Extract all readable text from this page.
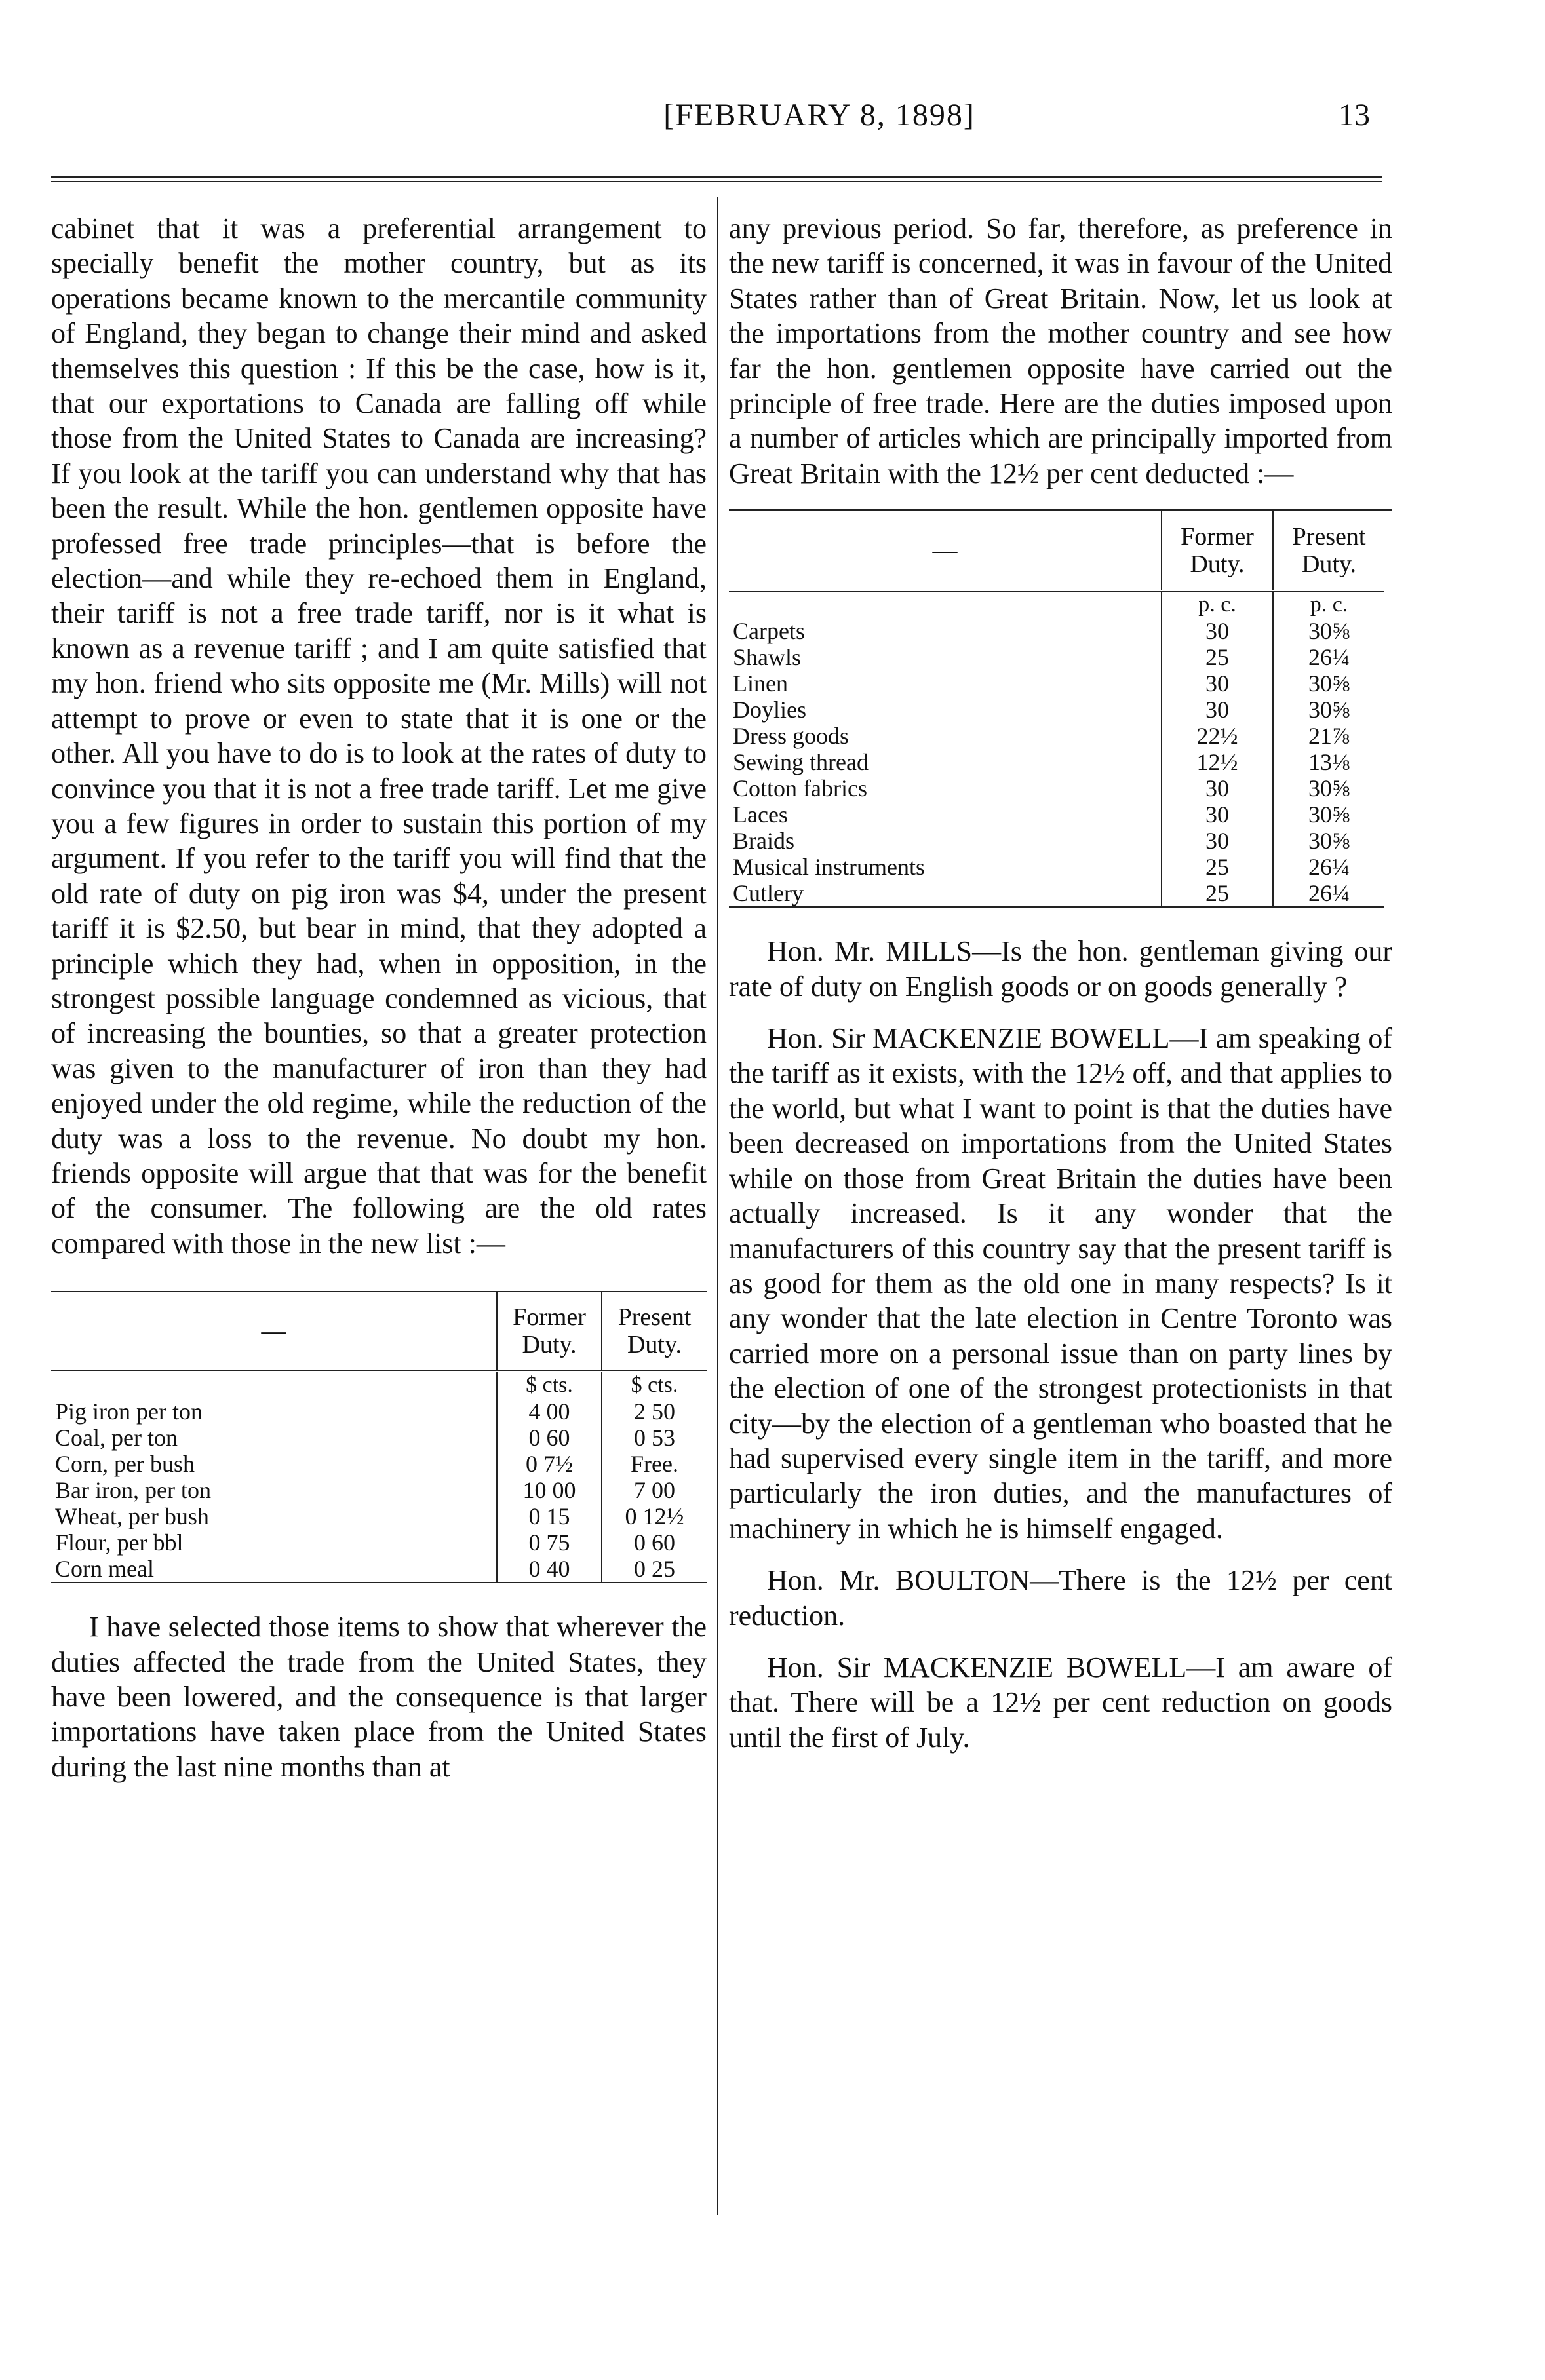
[FEBRUARY 8, 1898]	13

cabinet that it was a preferential arrangement to specially benefit the mother country, but as its operations became known to the mercantile community of England, they began to change their mind and asked themselves this question : If this be the case, how is it, that our exportations to Canada are falling off while those from the United States to Canada are increasing? If you look at the tariff you can understand why that has been the result. While the hon. gentlemen opposite have professed free trade principles—that is before the election—and while they re-echoed them in England, their tariff is not a free trade tariff, nor is it what is known as a revenue tariff ; and I am quite satisfied that my hon. friend who sits opposite me (Mr. Mills) will not attempt to prove or even to state that it is one or the other. All you have to do is to look at the rates of duty to convince you that it is not a free trade tariff. Let me give you a few figures in order to sustain this portion of my argument. If you refer to the tariff you will find that the old rate of duty on pig iron was $4, under the present tariff it is $2.50, but bear in mind, that they adopted a principle which they had, when in opposition, in the strongest possible language condemned as vicious, that of increasing the bounties, so that a greater protection was given to the manufacturer of iron than they had enjoyed under the old regime, while the reduction of the duty was a loss to the revenue. No doubt my hon. friends opposite will argue that that was for the benefit of the consumer. The following are the old rates compared with those in the new list :—

—	Former Duty.	Present Duty.

	$ cts.	$ cts.
Pig iron per ton	4 00	2 50
Coal, per ton	0 60	0 53
Corn, per bush	0 7½	Free.
Bar iron, per ton	10 00	7 00
Wheat, per bush	0 15	0 12½
Flour, per bbl	0 75	0 60
Corn meal	0 40	0 25

I have selected those items to show that wherever the duties affected the trade from the United States, they have been lowered, and the consequence is that larger importations have taken place from the United States during the last nine months than at

any previous period. So far, therefore, as preference in the new tariff is concerned, it was in favour of the United States rather than of Great Britain. Now, let us look at the importations from the mother country and see how far the hon. gentlemen opposite have carried out the principle of free trade. Here are the duties imposed upon a number of articles which are principally imported from Great Britain with the 12½ per cent deducted :—

—	Former Duty.	Present Duty.

	p. c.	p. c.
Carpets	30	30⅝
Shawls	25	26¼
Linen	30	30⅝
Doylies	30	30⅝
Dress goods	22½	21⅞
Sewing thread	12½	13⅛
Cotton fabrics	30	30⅝
Laces	30	30⅝
Braids	30	30⅝
Musical instruments	25	26¼
Cutlery	25	26¼

Hon. Mr. MILLS—Is the hon. gentleman giving our rate of duty on English goods or on goods generally ?

Hon. Sir MACKENZIE BOWELL—I am speaking of the tariff as it exists, with the 12½ off, and that applies to the world, but what I want to point is that the duties have been decreased on importations from the United States while on those from Great Britain the duties have been actually increased. Is it any wonder that the manufacturers of this country say that the present tariff is as good for them as the old one in many respects? Is it any wonder that the late election in Centre Toronto was carried more on a personal issue than on party lines by the election of one of the strongest protectionists in that city—by the election of a gentleman who boasted that he had supervised every single item in the tariff, and more particularly the iron duties, and the manufactures of machinery in which he is himself engaged.

Hon. Mr. BOULTON—There is the 12½ per cent reduction.

Hon. Sir MACKENZIE BOWELL—I am aware of that. There will be a 12½ per cent reduction on goods until the first of July.
